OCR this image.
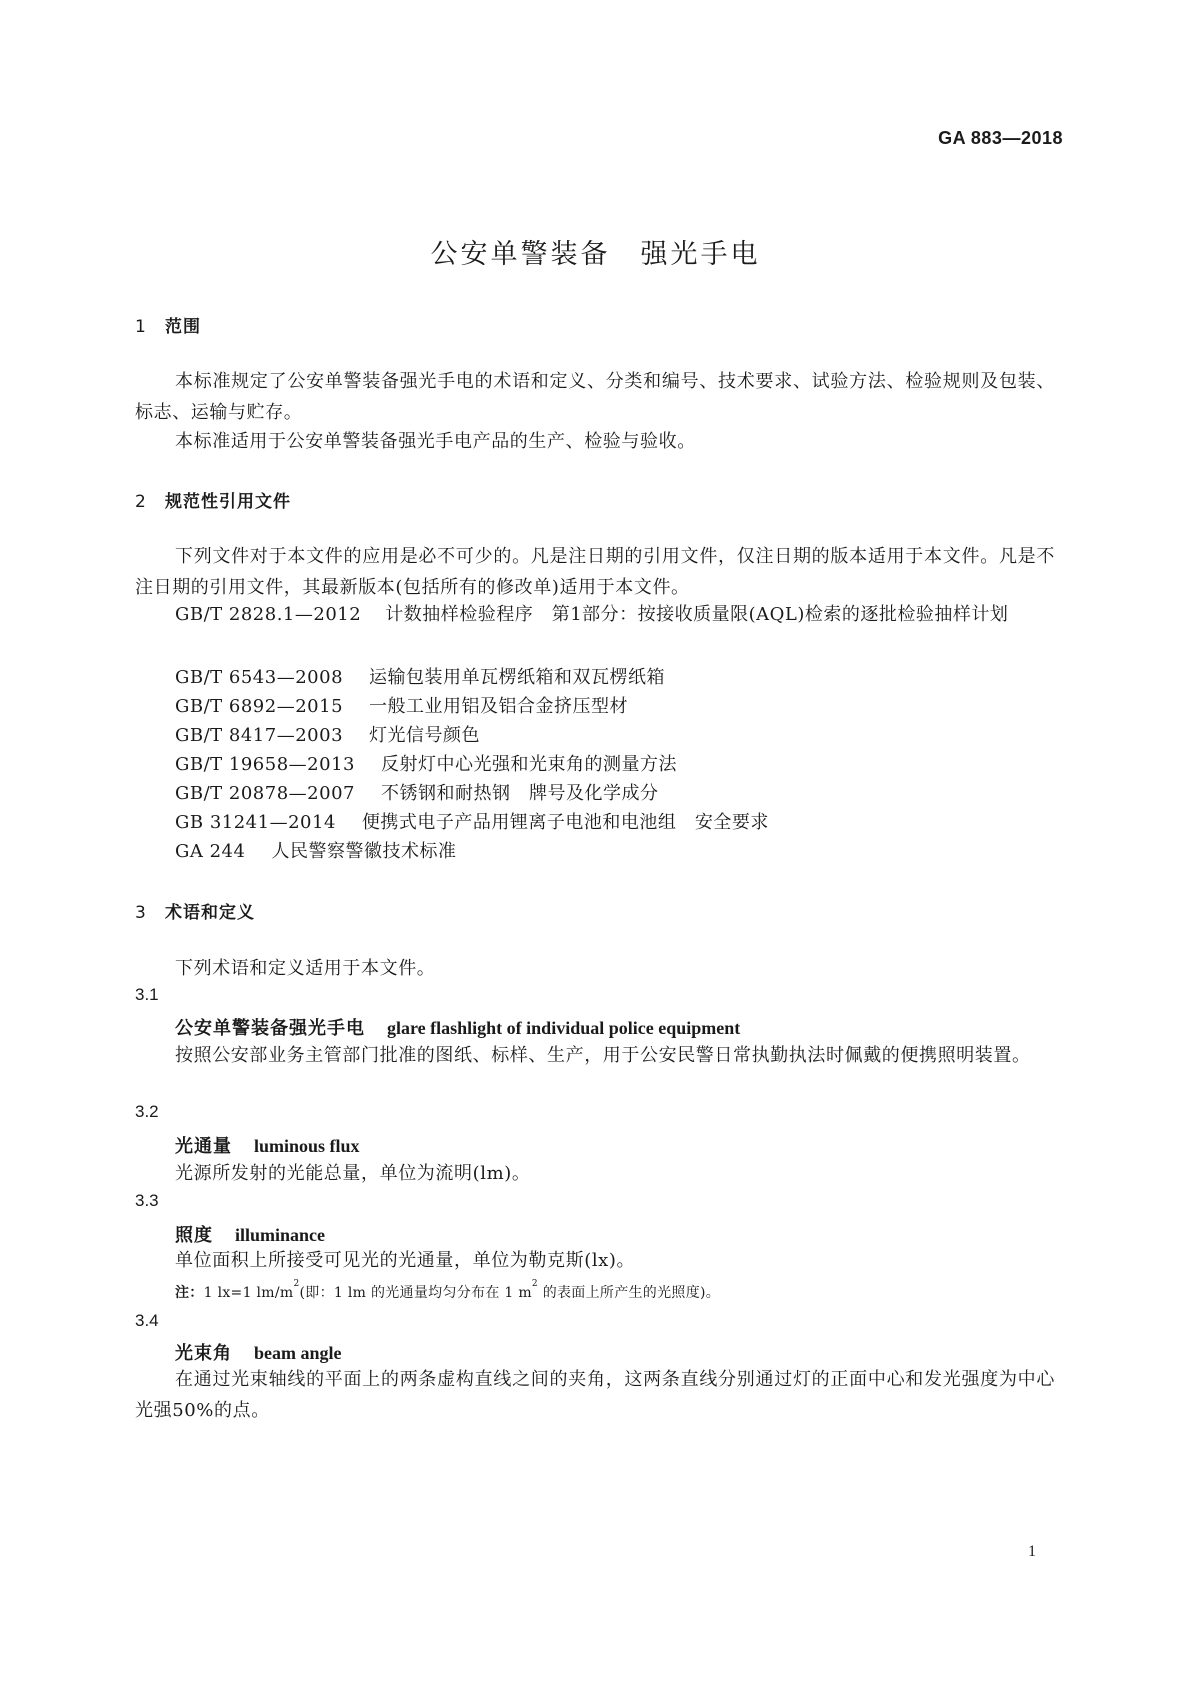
GA 883—2018
公安单警装备　强光手电
1 范围
本标准规定了公安单警装备强光手电的术语和定义、分类和编号、技术要求、试验方法、检验规则及包装、标志、运输与贮存。
本标准适用于公安单警装备强光手电产品的生产、检验与验收。
2 规范性引用文件
下列文件对于本文件的应用是必不可少的。凡是注日期的引用文件，仅注日期的版本适用于本文件。凡是不注日期的引用文件，其最新版本(包括所有的修改单)适用于本文件。
GB/T 2828.1—2012 计数抽样检验程序　第1部分：按接收质量限(AQL)检索的逐批检验抽样计划
GB/T 6543—2008 运输包装用单瓦楞纸箱和双瓦楞纸箱
GB/T 6892—2015 一般工业用铝及铝合金挤压型材
GB/T 8417—2003 灯光信号颜色
GB/T 19658—2013 反射灯中心光强和光束角的测量方法
GB/T 20878—2007 不锈钢和耐热钢　牌号及化学成分
GB 31241—2014 便携式电子产品用锂离子电池和电池组　安全要求
GA 244 人民警察警徽技术标准
3 术语和定义
下列术语和定义适用于本文件。
3.1
公安单警装备强光手电 glare flashlight of individual police equipment
按照公安部业务主管部门批准的图纸、标样、生产，用于公安民警日常执勤执法时佩戴的便携照明装置。
3.2
光通量 luminous flux
光源所发射的光能总量，单位为流明(lm)。
3.3
照度 illuminance
单位面积上所接受可见光的光通量，单位为勒克斯(lx)。
注：1 lx=1 $lm/m^2$(即：1 lm 的光通量均匀分布在 1 $m^2$ 的表面上所产生的光照度)。
3.4
光束角 beam angle
在通过光束轴线的平面上的两条虚构直线之间的夹角，这两条直线分别通过灯的正面中心和发光强度为中心光强50%的点。
1
